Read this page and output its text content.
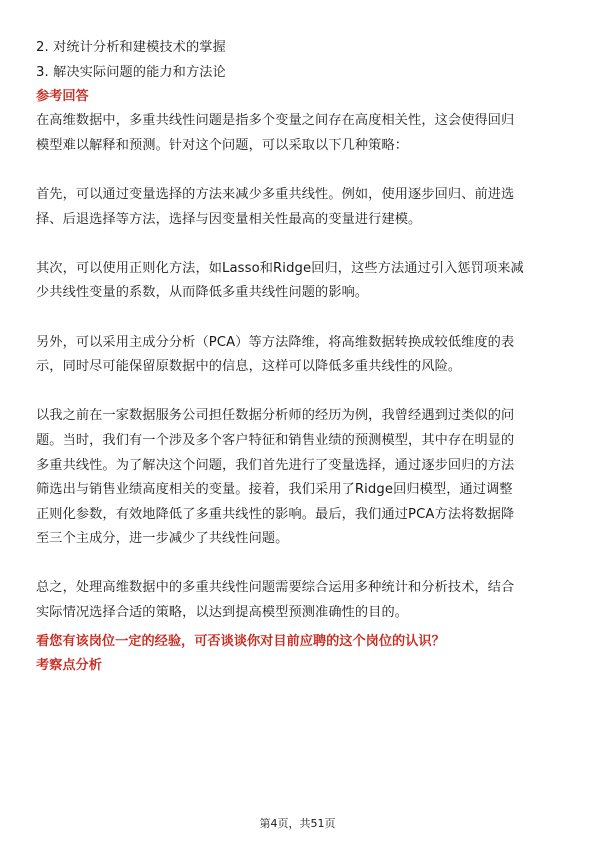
2. 对统计分析和建模技术的掌握
3. 解决实际问题的能力和方法论
参考回答
在高维数据中，多重共线性问题是指多个变量之间存在高度相关性，这会使得回归
模型难以解释和预测。针对这个问题，可以采取以下几种策略：
首先，可以通过变量选择的方法来减少多重共线性。例如，使用逐步回归、前进选
择、后退选择等方法，选择与因变量相关性最高的变量进行建模。
其次，可以使用正则化方法，如Lasso和Ridge回归，这些方法通过引入惩罚项来减
少共线性变量的系数，从而降低多重共线性问题的影响。
另外，可以采用主成分分析（PCA）等方法降维，将高维数据转换成较低维度的表
示，同时尽可能保留原数据中的信息，这样可以降低多重共线性的风险。
以我之前在一家数据服务公司担任数据分析师的经历为例，我曾经遇到过类似的问
题。当时，我们有一个涉及多个客户特征和销售业绩的预测模型，其中存在明显的
多重共线性。为了解决这个问题，我们首先进行了变量选择，通过逐步回归的方法
筛选出与销售业绩高度相关的变量。接着，我们采用了Ridge回归模型，通过调整
正则化参数，有效地降低了多重共线性的影响。最后，我们通过PCA方法将数据降
至三个主成分，进一步减少了共线性问题。
总之，处理高维数据中的多重共线性问题需要综合运用多种统计和分析技术，结合
实际情况选择合适的策略，以达到提高模型预测准确性的目的。
看您有该岗位一定的经验，可否谈谈你对目前应聘的这个岗位的认识？
考察点分析
第4页，共51页
